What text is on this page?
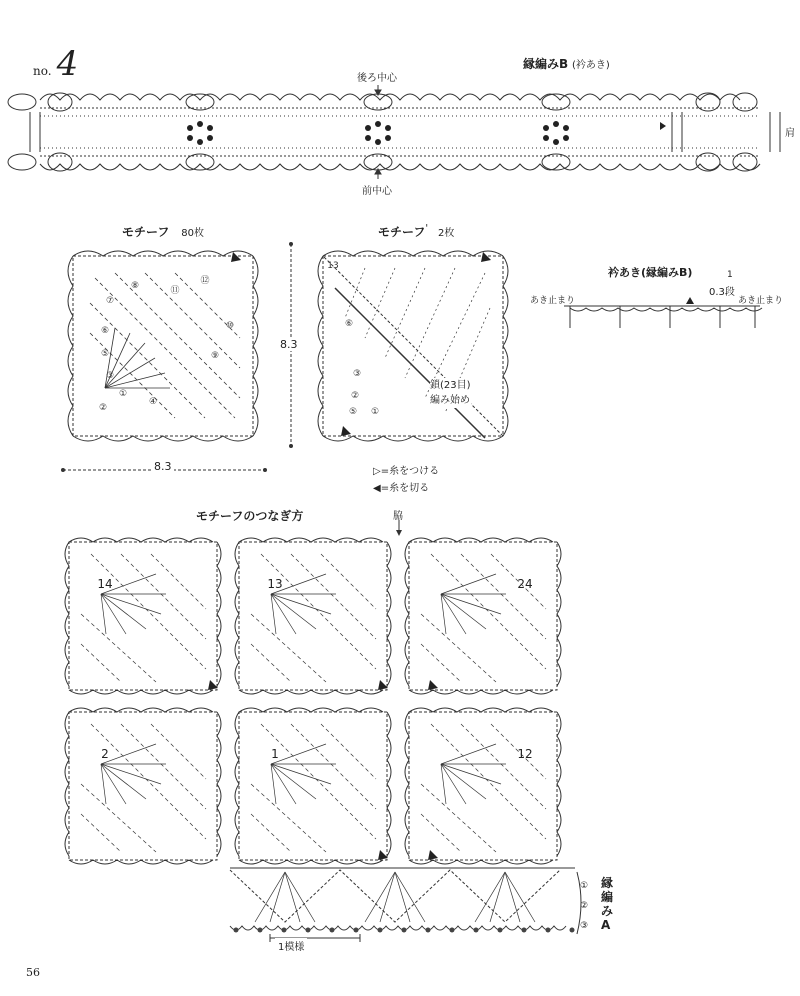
no. 4	縁編みB (衿あき)
後ろ中心
肩
前中心
モチーフ 80枚
①
②
③
④
⑤
⑥
⑦
⑧
⑨
⑩
⑪
⑫
8.3
8.3
モチーフ' 2枚
13
①
②
③
⑤
⑥
鎖(23目)
編み始め
衿あき(縁編みB)	1
0.3段
あき止まり	あき止まり
▷=糸をつける
◀=糸を切る
モチーフのつなぎ方	脇
14	13	24
2	1	12
1模様
①
②
③
縁編みA
56
